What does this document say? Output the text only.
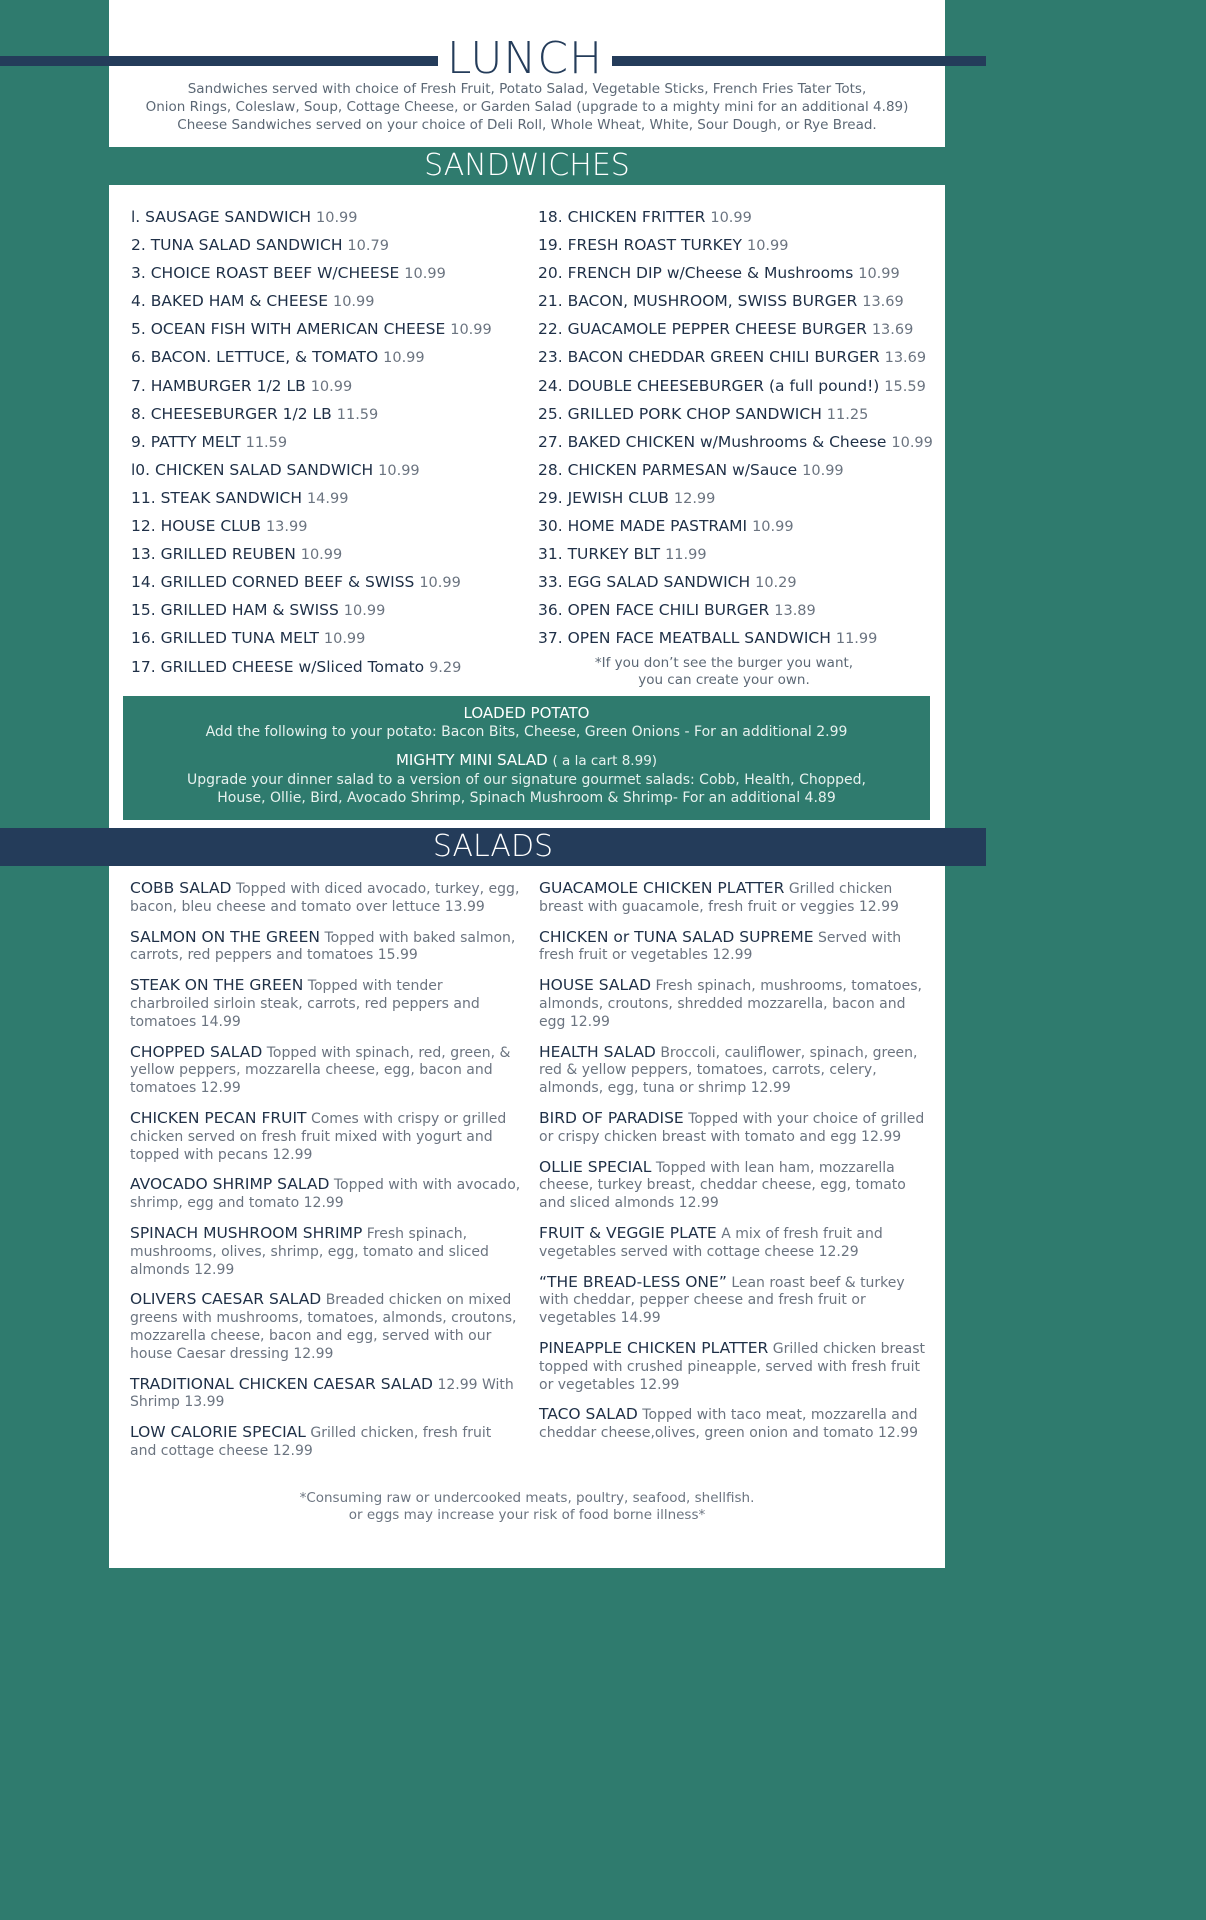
LUNCH
Sandwiches served with choice of Fresh Fruit, Potato Salad, Vegetable Sticks, French Fries Tater Tots,
Onion Rings, Coleslaw, Soup, Cottage Cheese, or Garden Salad (upgrade to a mighty mini for an additional 4.89)
Cheese Sandwiches served on your choice of Deli Roll, Whole Wheat, White, Sour Dough, or Rye Bread.
SANDWICHES
l. SAUSAGE SANDWICH 10.99
2. TUNA SALAD SANDWICH 10.79
3. CHOICE ROAST BEEF W/CHEESE 10.99
4. BAKED HAM & CHEESE 10.99
5. OCEAN FISH WITH AMERICAN CHEESE 10.99
6. BACON. LETTUCE, & TOMATO 10.99
7. HAMBURGER 1/2 LB 10.99
8. CHEESEBURGER 1/2 LB 11.59
9. PATTY MELT 11.59
l0. CHICKEN SALAD SANDWICH 10.99
11. STEAK SANDWICH 14.99
12. HOUSE CLUB 13.99
13. GRILLED REUBEN 10.99
14. GRILLED CORNED BEEF & SWISS 10.99
15. GRILLED HAM & SWISS 10.99
16. GRILLED TUNA MELT 10.99
17. GRILLED CHEESE w/Sliced Tomato 9.29
18. CHICKEN FRITTER 10.99
19. FRESH ROAST TURKEY 10.99
20. FRENCH DIP w/Cheese & Mushrooms 10.99
21. BACON, MUSHROOM, SWISS BURGER 13.69
22. GUACAMOLE PEPPER CHEESE BURGER 13.69
23. BACON CHEDDAR GREEN CHILI BURGER 13.69
24. DOUBLE CHEESEBURGER (a full pound!) 15.59
25. GRILLED PORK CHOP SANDWICH 11.25
27. BAKED CHICKEN w/Mushrooms & Cheese 10.99
28. CHICKEN PARMESAN w/Sauce 10.99
29. JEWISH CLUB 12.99
30. HOME MADE PASTRAMI 10.99
31. TURKEY BLT 11.99
33. EGG SALAD SANDWICH 10.29
36. OPEN FACE CHILI BURGER 13.89
37. OPEN FACE MEATBALL SANDWICH 11.99
*If you don’t see the burger you want,
you can create your own.
LOADED POTATO
Add the following to your potato: Bacon Bits, Cheese, Green Onions - For an additional 2.99
MIGHTY MINI SALAD ( a la cart 8.99)
Upgrade your dinner salad to a version of our signature gourmet salads: Cobb, Health, Chopped,
House, Ollie, Bird, Avocado Shrimp, Spinach Mushroom & Shrimp- For an additional 4.89
SALADS
COBB SALAD Topped with diced avocado, turkey, egg, bacon, bleu cheese and tomato over lettuce 13.99
SALMON ON THE GREEN Topped with baked salmon, carrots, red peppers and tomatoes 15.99
STEAK ON THE GREEN Topped with tender charbroiled sirloin steak, carrots, red peppers and tomatoes 14.99
CHOPPED SALAD Topped with spinach, red, green, & yellow peppers, mozzarella cheese, egg, bacon and tomatoes 12.99
CHICKEN PECAN FRUIT Comes with crispy or grilled chicken served on fresh fruit mixed with yogurt and topped with pecans 12.99
AVOCADO SHRIMP SALAD Topped with with avocado, shrimp, egg and tomato 12.99
SPINACH MUSHROOM SHRIMP Fresh spinach, mushrooms, olives, shrimp, egg, tomato and sliced almonds 12.99
OLIVERS CAESAR SALAD Breaded chicken on mixed greens with mushrooms, tomatoes, almonds, croutons, mozzarella cheese, bacon and egg, served with our house Caesar dressing 12.99
TRADITIONAL CHICKEN CAESAR SALAD 12.99 With Shrimp 13.99
LOW CALORIE SPECIAL Grilled chicken, fresh fruit and cottage cheese 12.99
GUACAMOLE CHICKEN PLATTER Grilled chicken breast with guacamole, fresh fruit or veggies 12.99
CHICKEN or TUNA SALAD SUPREME Served with fresh fruit or vegetables 12.99
HOUSE SALAD Fresh spinach, mushrooms, tomatoes, almonds, croutons, shredded mozzarella, bacon and egg 12.99
HEALTH SALAD Broccoli, cauliflower, spinach, green, red & yellow peppers, tomatoes, carrots, celery, almonds, egg, tuna or shrimp 12.99
BIRD OF PARADISE Topped with your choice of grilled or crispy chicken breast with tomato and egg 12.99
OLLIE SPECIAL Topped with lean ham, mozzarella cheese, turkey breast, cheddar cheese, egg, tomato and sliced almonds 12.99
FRUIT & VEGGIE PLATE A mix of fresh fruit and vegetables served with cottage cheese 12.29
“THE BREAD-LESS ONE” Lean roast beef & turkey with cheddar, pepper cheese and fresh fruit or vegetables 14.99
PINEAPPLE CHICKEN PLATTER Grilled chicken breast topped with crushed pineapple, served with fresh fruit or vegetables 12.99
TACO SALAD Topped with taco meat, mozzarella and cheddar cheese,olives, green onion and tomato 12.99
*Consuming raw or undercooked meats, poultry, seafood, shellfish.
or eggs may increase your risk of food borne illness*
